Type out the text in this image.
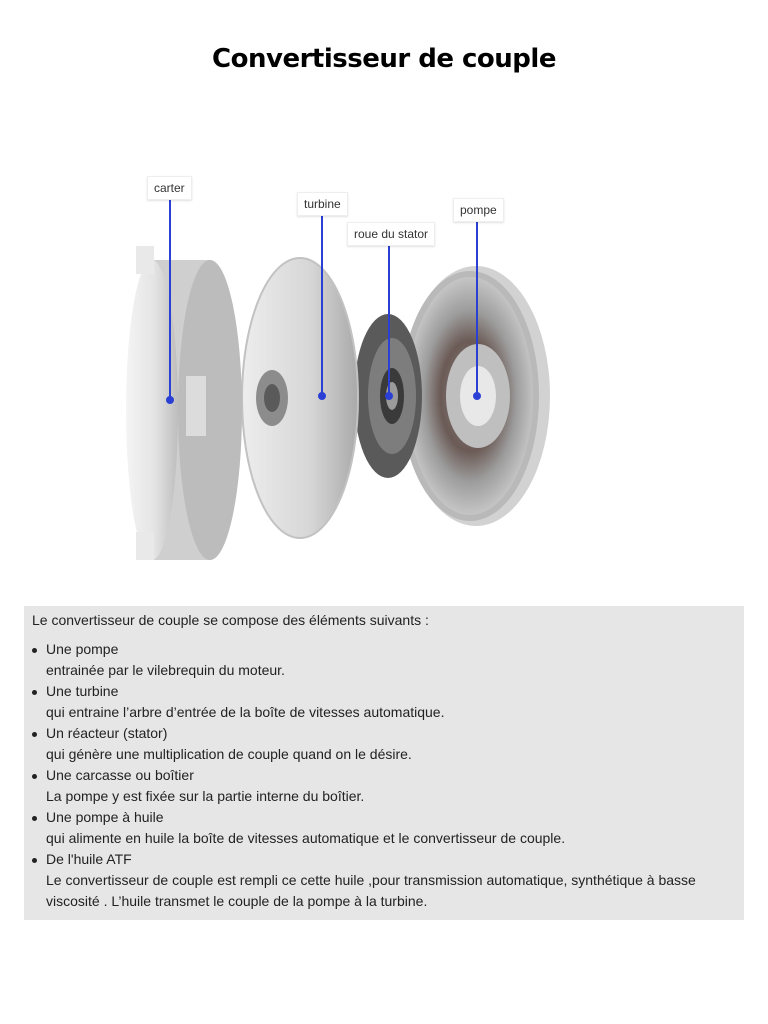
Convertisseur de couple
carter
turbine
roue du stator
pompe

Le convertisseur de couple se compose des éléments suivants :

Une pompe
entrainée par le vilebrequin du moteur.
Une turbine
qui entraine l’arbre d’entrée de la boîte de vitesses automatique.
Un réacteur (stator)
qui génère une multiplication de couple quand on le désire.
Une carcasse ou boîtier
La pompe y est fixée sur la partie interne du boîtier.
Une pompe à huile
qui alimente en huile la boîte de vitesses automatique et le convertisseur de couple.
De l'huile ATF
Le convertisseur de couple est rempli ce cette huile ,pour transmission automatique, synthétique à basse viscosité . L’huile transmet le couple de la pompe à la turbine.
